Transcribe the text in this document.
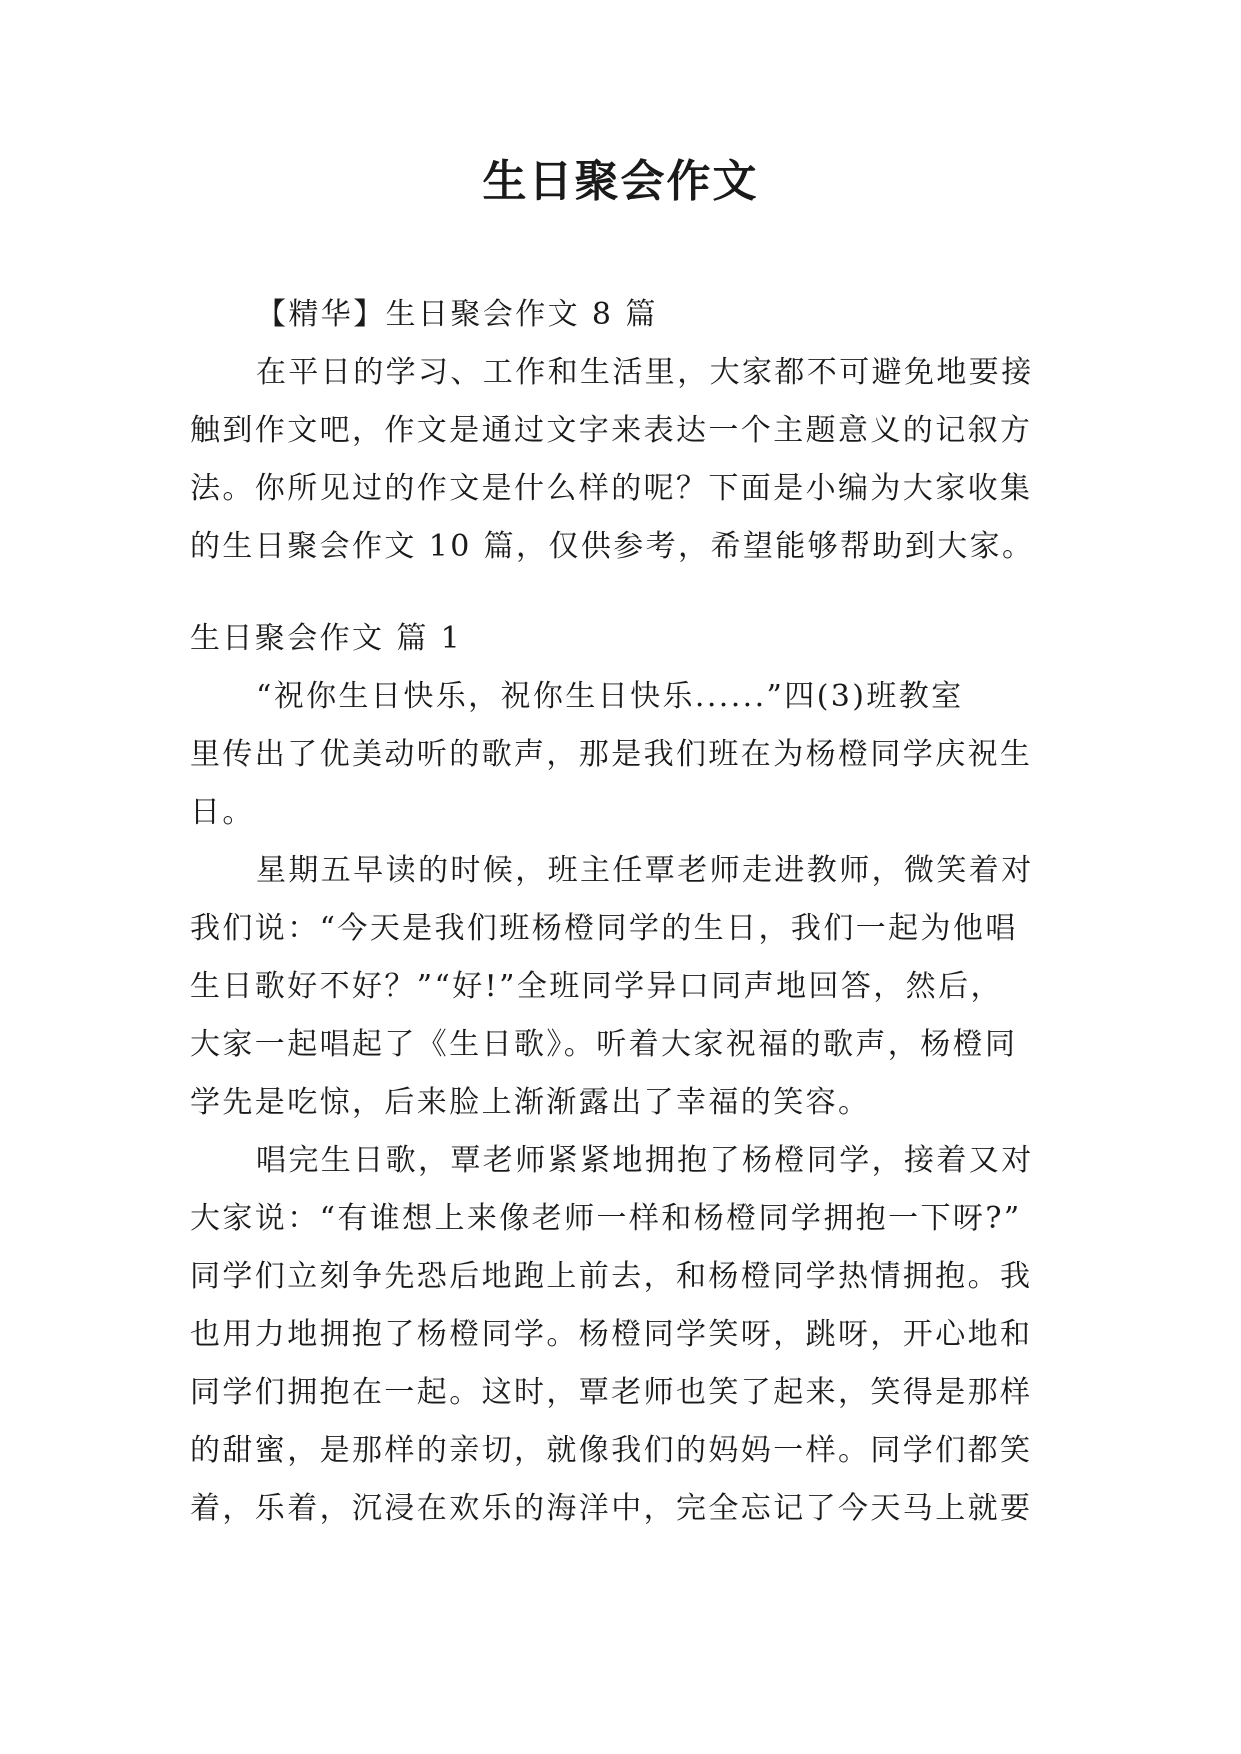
生日聚会作文
【精华】生日聚会作文 8 篇
在平日的学习、工作和生活里，大家都不可避免地要接
触到作文吧，作文是通过文字来表达一个主题意义的记叙方
法。你所见过的作文是什么样的呢？下面是小编为大家收集
的生日聚会作文 10 篇，仅供参考，希望能够帮助到大家。
生日聚会作文 篇 1
“祝你生日快乐，祝你生日快乐......”四(3)班教室
里传出了优美动听的歌声，那是我们班在为杨橙同学庆祝生
日。
星期五早读的时候，班主任覃老师走进教师，微笑着对
我们说：“今天是我们班杨橙同学的生日，我们一起为他唱
生日歌好不好？”“好!”全班同学异口同声地回答，然后，
大家一起唱起了《生日歌》。听着大家祝福的歌声，杨橙同
学先是吃惊，后来脸上渐渐露出了幸福的笑容。
唱完生日歌，覃老师紧紧地拥抱了杨橙同学，接着又对
大家说：“有谁想上来像老师一样和杨橙同学拥抱一下呀?”
同学们立刻争先恐后地跑上前去，和杨橙同学热情拥抱。我
也用力地拥抱了杨橙同学。杨橙同学笑呀，跳呀，开心地和
同学们拥抱在一起。这时，覃老师也笑了起来，笑得是那样
的甜蜜，是那样的亲切，就像我们的妈妈一样。同学们都笑
着，乐着，沉浸在欢乐的海洋中，完全忘记了今天马上就要
